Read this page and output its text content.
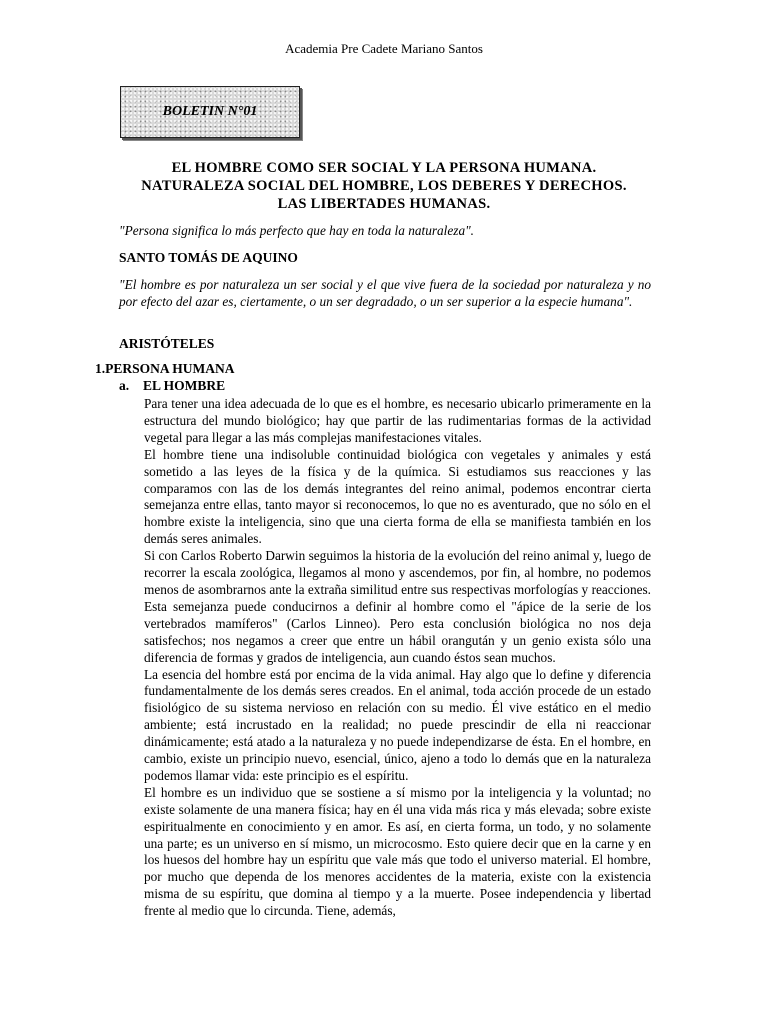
Academia Pre Cadete Mariano Santos
BOLETIN N°01
EL HOMBRE COMO SER SOCIAL Y LA PERSONA HUMANA.
NATURALEZA SOCIAL DEL HOMBRE, LOS DEBERES Y DERECHOS.
LAS LIBERTADES HUMANAS.
"Persona significa lo más perfecto que hay en toda la naturaleza".
SANTO TOMÁS DE AQUINO
"El hombre es por naturaleza un ser social y el que vive fuera de la sociedad por naturaleza y no por efecto del azar es, ciertamente, o un ser degradado, o un ser superior a la especie humana".
ARISTÓTELES
1.PERSONA HUMANA
a. EL HOMBRE

Para tener una idea adecuada de lo que es el hombre, es necesario ubicarlo primeramente en la estructura del mundo biológico; hay que partir de las rudimentarias formas de la actividad vegetal para llegar a las más complejas manifestaciones vitales.

El hombre tiene una indisoluble continuidad biológica con vegetales y animales y está sometido a las leyes de la física y de la química. Si estudiamos sus reacciones y las comparamos con las de los demás integrantes del reino animal, podemos encontrar cierta semejanza entre ellas, tanto mayor si reconocemos, lo que no es aventurado, que no sólo en el hombre existe la inteligencia, sino que una cierta forma de ella se manifiesta también en los demás seres animales.

Si con Carlos Roberto Darwin seguimos la historia de la evolución del reino animal y, luego de recorrer la escala zoológica, llegamos al mono y ascendemos, por fin, al hombre, no podemos menos de asombrarnos ante la extraña similitud entre sus respectivas morfologías y reacciones. Esta semejanza puede conducirnos a definir al hombre como el "ápice de la serie de los vertebrados mamíferos" (Carlos Linneo). Pero esta conclusión biológica no nos deja satisfechos; nos negamos a creer que entre un hábil orangután y un genio exista sólo una diferencia de formas y grados de inteligencia, aun cuando éstos sean muchos.

La esencia del hombre está por encima de la vida animal. Hay algo que lo define y diferencia fundamentalmente de los demás seres creados. En el animal, toda acción procede de un estado fisiológico de su sistema nervioso en relación con su medio. Él vive estático en el medio ambiente; está incrustado en la realidad; no puede prescindir de ella ni reaccionar dinámicamente; está atado a la naturaleza y no puede independizarse de ésta. En el hombre, en cambio, existe un principio nuevo, esencial, único, ajeno a todo lo demás que en la naturaleza podemos llamar vida: este principio es el espíritu.

El hombre es un individuo que se sostiene a sí mismo por la inteligencia y la voluntad; no existe solamente de una manera física; hay en él una vida más rica y más elevada; sobre existe espiritualmente en conocimiento y en amor. Es así, en cierta forma, un todo, y no solamente una parte; es un universo en sí mismo, un microcosmo. Esto quiere decir que en la carne y en los huesos del hombre hay un espíritu que vale más que todo el universo material. El hombre, por mucho que dependa de los menores accidentes de la materia, existe con la existencia misma de su espíritu, que domina al tiempo y a la muerte. Posee independencia y libertad frente al medio que lo circunda. Tiene, además,
